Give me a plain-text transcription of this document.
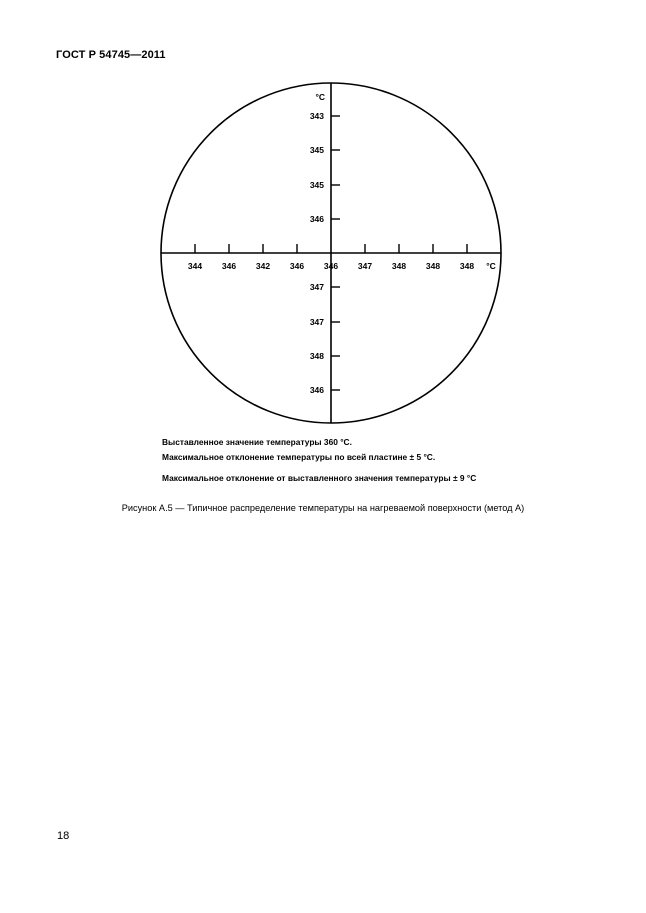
ГОСТ Р 54745—2011
°C
343
345
345
346
347
347
348
346
344 346 342 346 346 347 348 348 348 °C
Выставленное значение температуры 360 °С.
Максимальное отклонение температуры по всей пластине ± 5 °С.
Максимальное отклонение от выставленного значения температуры ± 9 °С
Рисунок А.5 — Типичное распределение температуры на нагреваемой поверхности (метод А)
18
